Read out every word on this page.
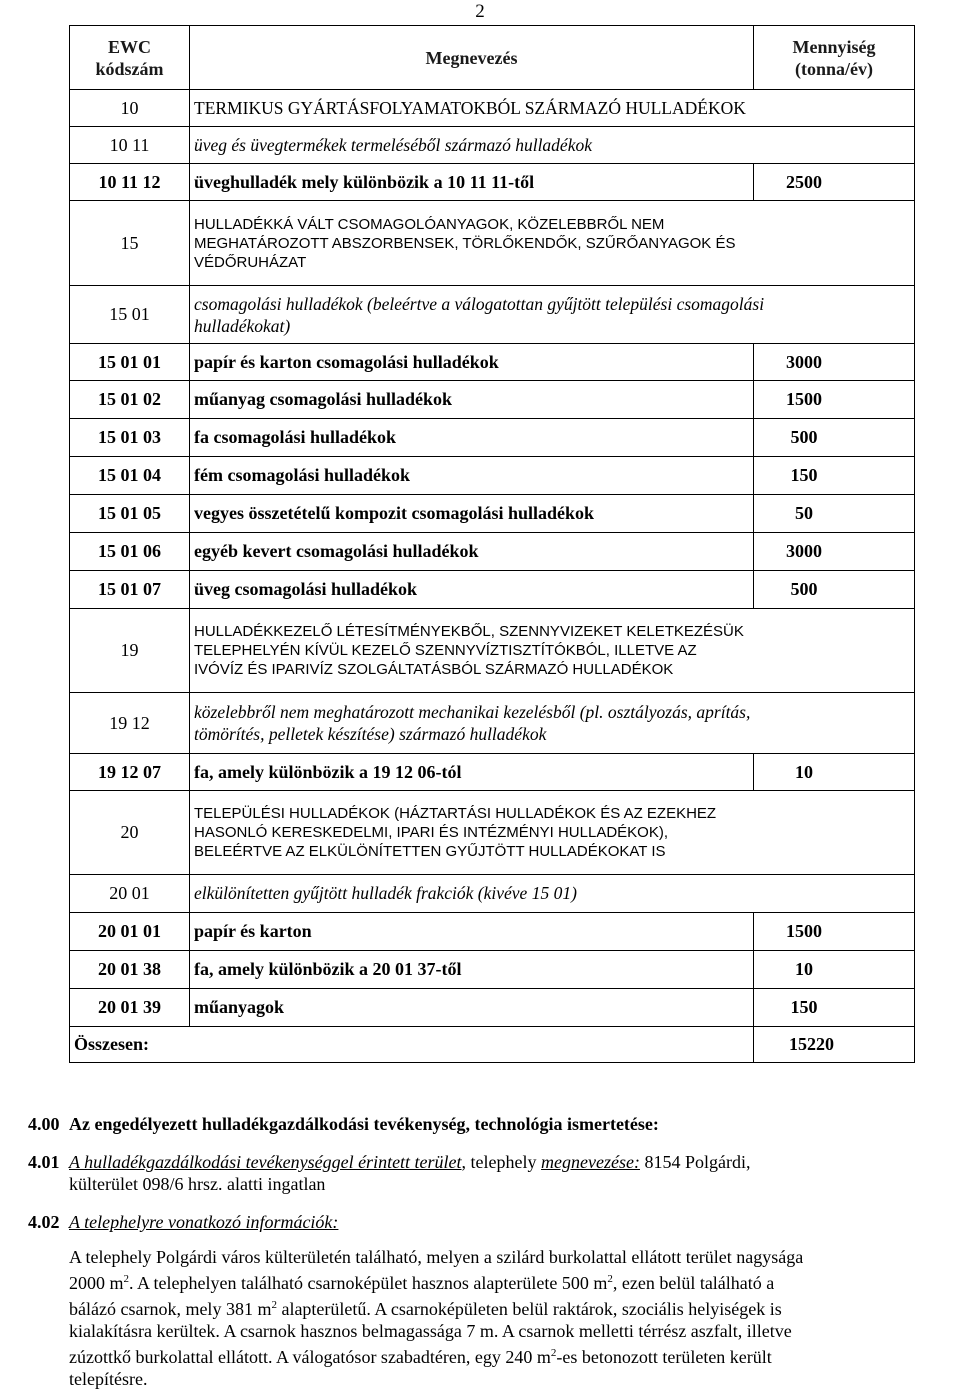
2
EWC
kódszám	Megnevezés	Mennyiség
(tonna/év)
10	TERMIKUS GYÁRTÁSFOLYAMATOKBÓL SZÁRMAZÓ HULLADÉKOK	
10 11	üveg és üvegtermékek termeléséből származó hulladékok	
10 11 12	üveghulladék mely különbözik a 10 11 11-től	2500
15	HULLADÉKKÁ VÁLT CSOMAGOLÓANYAGOK, KÖZELEBBRŐL NEM
MEGHATÁROZOTT ABSZORBENSEK, TÖRLŐKENDŐK, SZŰRŐANYAGOK ÉS
VÉDŐRUHÁZAT	

15 01	csomagolási hulladékok (beleértve a válogatottan gyűjtött települési csomagolási
hulladékokat)	

15 01 01	papír és karton csomagolási hulladékok	3000
15 01 02	műanyag csomagolási hulladékok	1500
15 01 03	fa csomagolási hulladékok	500
15 01 04	fém csomagolási hulladékok	150
15 01 05	vegyes összetételű kompozit csomagolási hulladékok	50
15 01 06	egyéb kevert csomagolási hulladékok	3000
15 01 07	üveg csomagolási hulladékok	500
19	HULLADÉKKEZELŐ LÉTESÍTMÉNYEKBŐL, SZENNYVIZEKET KELETKEZÉSÜK
TELEPHELYÉN KÍVÜL KEZELŐ SZENNYVÍZTISZTÍTÓKBÓL, ILLETVE AZ
IVÓVÍZ ÉS IPARIVÍZ SZOLGÁLTATÁSBÓL SZÁRMAZÓ HULLADÉKOK	

19 12	közelebbről nem meghatározott mechanikai kezelésből (pl. osztályozás, aprítás,
tömörítés, pelletek készítése) származó hulladékok	

19 12 07	fa, amely különbözik a 19 12 06-tól	10
20	TELEPÜLÉSI HULLADÉKOK (HÁZTARTÁSI HULLADÉKOK ÉS AZ EZEKHEZ
HASONLÓ KERESKEDELMI, IPARI ÉS INTÉZMÉNYI HULLADÉKOK),
BELEÉRTVE AZ ELKÜLÖNÍTETTEN GYŰJTÖTT HULLADÉKOKAT IS	

20 01	elkülönítetten gyűjtött hulladék frakciók (kivéve 15 01)	
20 01 01	papír és karton	1500
20 01 38	fa, amely különbözik a 20 01 37-től	10
20 01 39	műanyagok	150
Összesen:		15220
4.00 Az engedélyezett hulladékgazdálkodási tevékenység, technológia ismertetése:
4.01 A hulladékgazdálkodási tevékenységgel érintett terület, telephely megnevezése: 8154 Polgárdi,
külterület 098/6 hrsz. alatti ingatlan
4.02 A telephelyre vonatkozó információk:
A telephely Polgárdi város külterületén található, melyen a szilárd burkolattal ellátott terület nagysága
2000 $m^2$. A telephelyen található csarnoképület hasznos alapterülete 500 $m^2$, ezen belül található a
bálázó csarnok, mely 381 $m^2$ alapterületű. A csarnoképületen belül raktárok, szociális helyiségek is
kialakításra kerültek. A csarnok hasznos belmagassága 7 m. A csarnok melletti térrész aszfalt, illetve
zúzottkő burkolattal ellátott. A válogatósor szabadtéren, egy 240 $m^2-es$ betonozott területen került
telepítésre.
